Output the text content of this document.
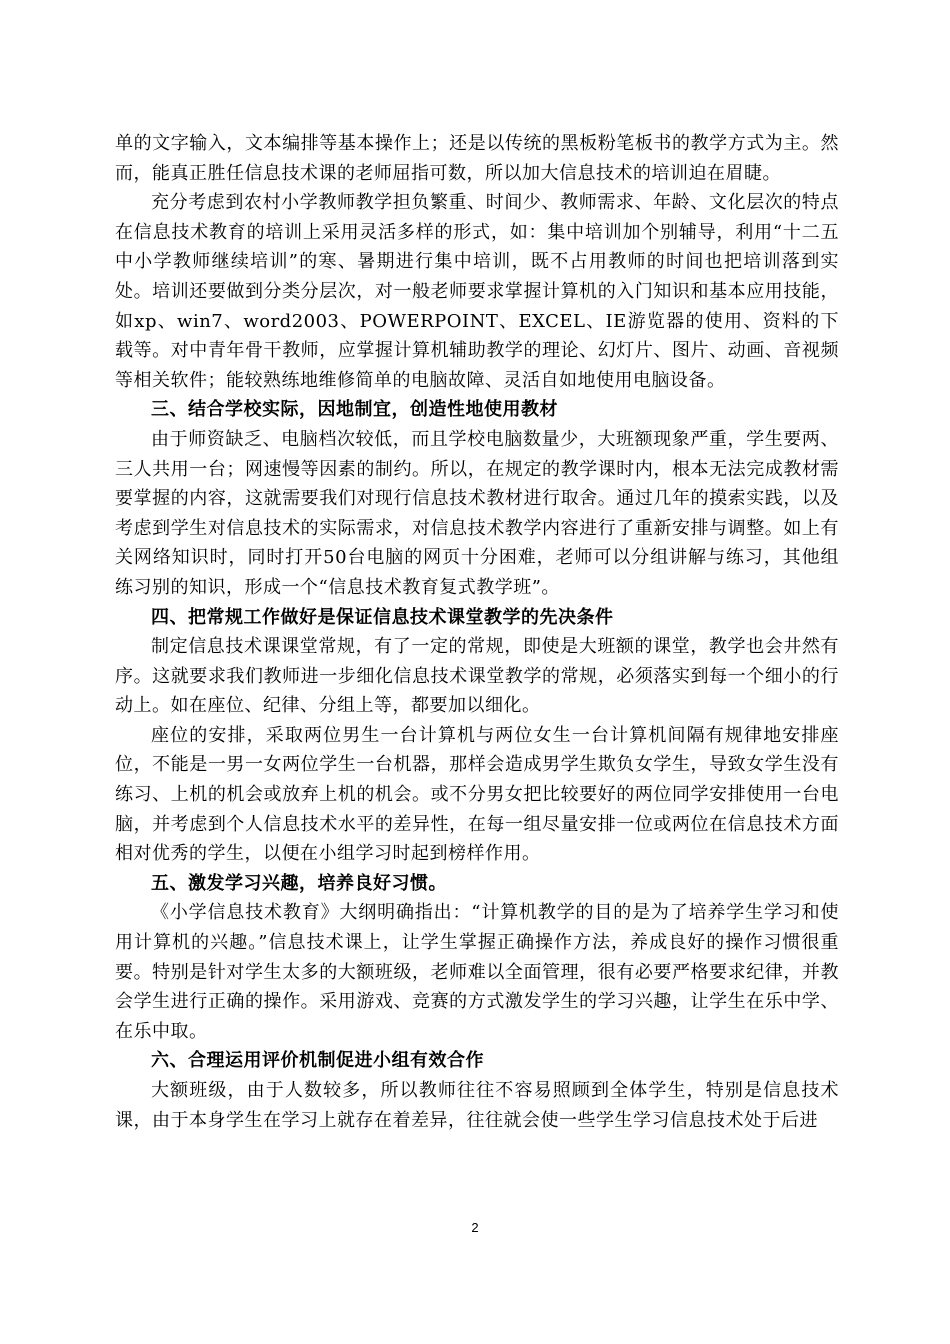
单的文字输入，文本编排等基本操作上；还是以传统的黑板粉笔板书的教学方式为主。然而，能真正胜任信息技术课的老师屈指可数，所以加大信息技术的培训迫在眉睫。

充分考虑到农村小学教师教学担负繁重、时间少、教师需求、年龄、文化层次的特点在信息技术教育的培训上采用灵活多样的形式，如：集中培训加个别辅导，利用“十二五中小学教师继续培训”的寒、暑期进行集中培训，既不占用教师的时间也把培训落到实处。培训还要做到分类分层次，对一般老师要求掌握计算机的入门知识和基本应用技能，如xp、win7、word2003、POWERPOINT、EXCEL、IE游览器的使用、资料的下载等。对中青年骨干教师，应掌握计算机辅助教学的理论、幻灯片、图片、动画、音视频等相关软件；能较熟练地维修简单的电脑故障、灵活自如地使用电脑设备。

三、结合学校实际，因地制宜，创造性地使用教材

由于师资缺乏、电脑档次较低，而且学校电脑数量少，大班额现象严重，学生要两、三人共用一台；网速慢等因素的制约。所以，在规定的教学课时内，根本无法完成教材需要掌握的内容，这就需要我们对现行信息技术教材进行取舍。通过几年的摸索实践，以及考虑到学生对信息技术的实际需求，对信息技术教学内容进行了重新安排与调整。如上有关网络知识时，同时打开50台电脑的网页十分困难，老师可以分组讲解与练习，其他组练习别的知识，形成一个“信息技术教育复式教学班”。

四、把常规工作做好是保证信息技术课堂教学的先决条件

制定信息技术课课堂常规，有了一定的常规，即使是大班额的课堂，教学也会井然有序。这就要求我们教师进一步细化信息技术课堂教学的常规，必须落实到每一个细小的行动上。如在座位、纪律、分组上等，都要加以细化。

座位的安排，采取两位男生一台计算机与两位女生一台计算机间隔有规律地安排座位，不能是一男一女两位学生一台机器，那样会造成男学生欺负女学生，导致女学生没有练习、上机的机会或放弃上机的机会。或不分男女把比较要好的两位同学安排使用一台电脑，并考虑到个人信息技术水平的差异性，在每一组尽量安排一位或两位在信息技术方面相对优秀的学生，以便在小组学习时起到榜样作用。

五、激发学习兴趣，培养良好习惯。

《小学信息技术教育》大纲明确指出：“计算机教学的目的是为了培养学生学习和使用计算机的兴趣。”信息技术课上，让学生掌握正确操作方法，养成良好的操作习惯很重要。特别是针对学生太多的大额班级，老师难以全面管理，很有必要严格要求纪律，并教会学生进行正确的操作。采用游戏、竞赛的方式激发学生的学习兴趣，让学生在乐中学、在乐中取。

六、合理运用评价机制促进小组有效合作

大额班级，由于人数较多，所以教师往往不容易照顾到全体学生，特别是信息技术课，由于本身学生在学习上就存在着差异，往往就会使一些学生学习信息技术处于后进

2
